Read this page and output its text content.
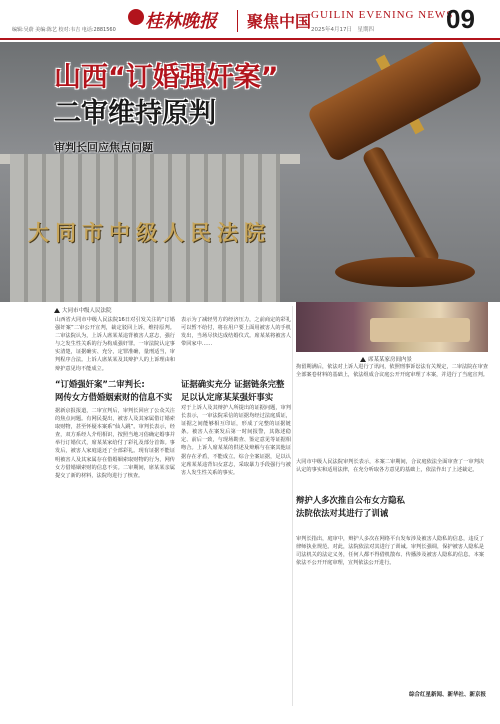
编辑:吴蔚 美编:陈艺 校对:韦吉 电话:2881560 桂林晚报 聚焦中国 GUILIN EVENING NEWS
2025年4月17日　星期四	09
大同市中级人民法院
山西“订婚强奸案”
二审维持原判
审判长回应焦点问题
大同市中级人民法院
山西省大同市中级人民法院16日对引发关注的“订婚强奸案”二审公开宣判，裁定驳回上诉，维持原判。二审法院认为，上诉人席某某违背被害人意志，强行与之发生性关系的行为构成强奸罪。一审法院认定事实清楚，证据确实、充分，定罪准确，量刑适当，审判程序合法。上诉人席某某及其辩护人的上诉理由和辩护意见均不能成立。
表示为了减轻男方的经济压力，之前商定的彩礼可以暂不给付，将在用户要上面用被害人的手机发出，当场尽快达成结婚仪式。席某某将被害人带回家中……
“订婚强奸案”二审判长:
网传女方借婚姻索财的信息不实
据新京报报道，二审宣判后，审判长回应了公众关注的焦点问题。有网民提出，被害人及其家属借订婚索取财物，甚至怀疑本案系“仙人跳”。审判长表示，经查，双方系经人介绍相识，按照当地习俗确定婚事并举行订婚仪式，席某某家给付了彩礼及部分首饰。事发后，被害人家庭退还了全部彩礼。现有证据不能证明被害人及其家属存在借婚姻索取财物的行为，网传女方借婚姻索财的信息不实。二审期间，席某某亲属提交了新的材料，法院均进行了核查。
证据确实充分 证据链条完整
足以认定席某某强奸事实
对于上诉人及其辩护人所提出的证据问题，审判长表示，一审法院采信的证据均经过法庭质证，证据之间能够相互印证，形成了完整的证据链条。被害人在案发后第一时间报警，其陈述稳定、前后一致，与现场勘查、鉴定意见等证据相吻合。上诉人席某某的供述及辩解与在案其他证据存在矛盾，不能成立。综合全案证据，足以认定席某某违背妇女意志，采取暴力手段强行与被害人发生性关系的事实。
席某某家房间内景
拘留期满后，依法对上诉人进行了讯问，依照刑事诉讼法有关规定，二审法院在审查全部案卷材料的基础上，依法组成合议庭公开开庭审理了本案，并进行了当庭宣判。
大同市中级人民法院审判长表示，本案二审期间，合议庭依法全面审查了一审判决认定的事实和适用法律，在充分听取各方意见的基础上，依法作出了上述裁定。
辩护人多次推自公布女方隐私
法院依法对其进行了训诫
审判长指出，庭审中，辩护人多次在网络平台发布涉及被害人隐私的信息，违反了律师执业规范。对此，法院依法对其进行了训诫。审判长强调，保护被害人隐私是司法机关的法定义务，任何人都不得借机散布、传播涉及被害人隐私的信息。本案依法不公开开庭审理，宣判依法公开进行。
综合红星新闻、新华社、新京报
